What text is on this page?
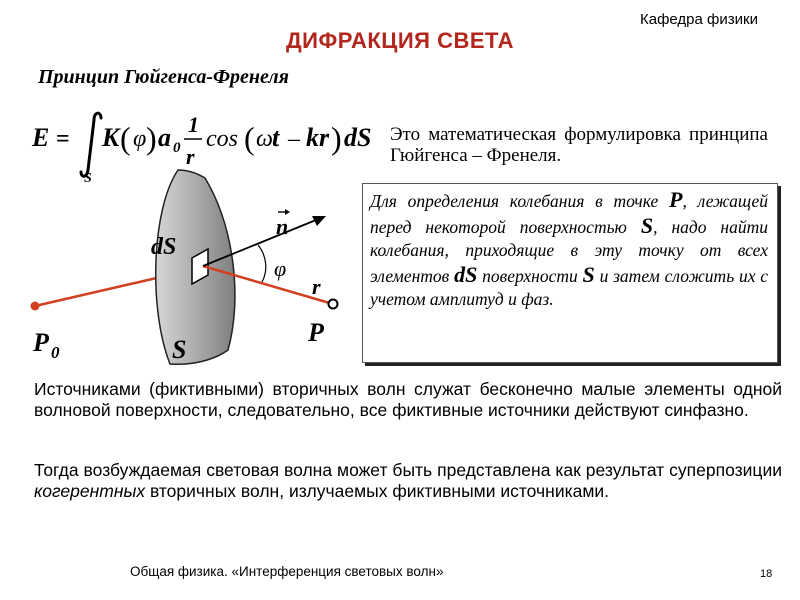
Кафедра физики
ДИФРАКЦИЯ СВЕТА
Принцип Гюйгенса-Френеля
E =
S
K ( φ ) a 0
1
r
cos ( ω t – kr ) dS Это математическая формулировка принципа Гюйгенса – Френеля.
dS
n
φ
r
P
P 0	S
Для определения колебания в точке P, лежащей перед некоторой поверхностью S, надо найти колебания, приходящие в эту точку от всех элементов dS поверхности S и затем сложить их с учетом амплитуд и фаз.
Источниками (фиктивными) вторичных волн служат бесконечно малые элементы одной волновой поверхности, следовательно, все фиктивные источники действуют синфазно.
Тогда возбуждаемая световая волна может быть представлена как результат суперпозиции когерентных вторичных волн, излучаемых фиктивными источниками.
Общая физика. «Интерференция световых волн»	18
